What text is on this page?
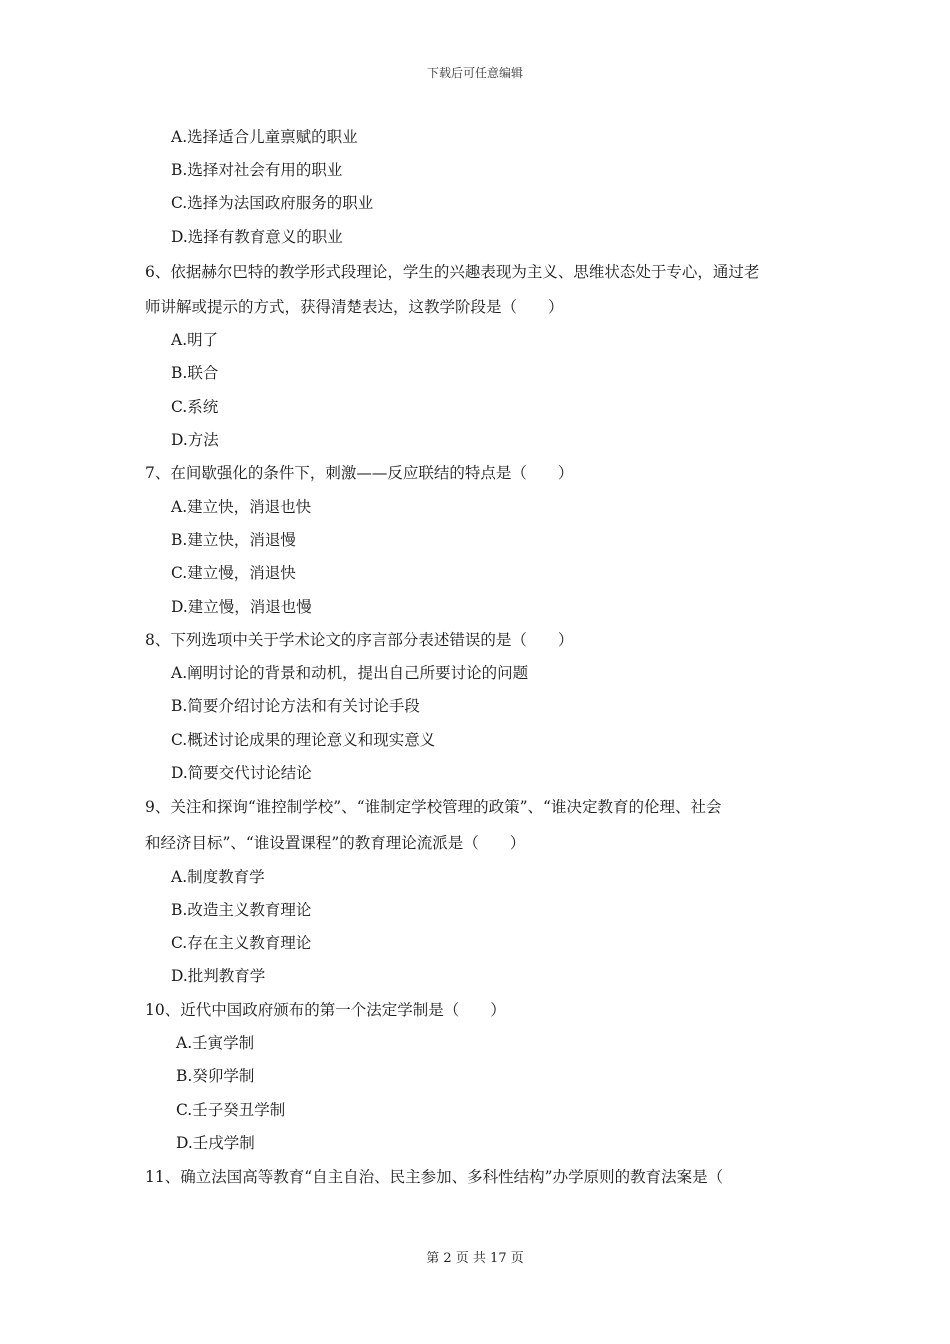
下载后可任意编辑
A.选择适合儿童禀赋的职业
B.选择对社会有用的职业
C.选择为法国政府服务的职业
D.选择有教育意义的职业
6、依据赫尔巴特的教学形式段理论，学生的兴趣表现为主义、思维状态处于专心，通过老
师讲解或提示的方式，获得清楚表达，这教学阶段是（　　）
A.明了
B.联合
C.系统
D.方法
7、在间歇强化的条件下，刺激——反应联结的特点是（　　）
A.建立快，消退也快
B.建立快，消退慢
C.建立慢，消退快
D.建立慢，消退也慢
8、下列选项中关于学术论文的序言部分表述错误的是（　　）
A.阐明讨论的背景和动机，提出自己所要讨论的问题
B.简要介绍讨论方法和有关讨论手段
C.概述讨论成果的理论意义和现实意义
D.简要交代讨论结论
9、关注和探询“谁控制学校”、“谁制定学校管理的政策”、“谁决定教育的伦理、社会
和经济目标”、“谁设置课程”的教育理论流派是（　　）
A.制度教育学
B.改造主义教育理论
C.存在主义教育理论
D.批判教育学
10、近代中国政府颁布的第一个法定学制是（　　）
A.壬寅学制
B.癸卯学制
C.壬子癸丑学制
D.壬戌学制
11、确立法国高等教育“自主自治、民主参加、多科性结构”办学原则的教育法案是（
第 2 页 共 17 页
